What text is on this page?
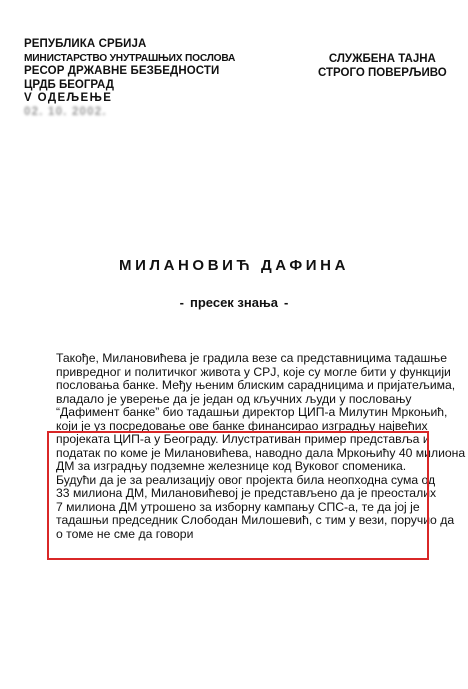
РЕПУБЛИКА СРБИЈА
МИНИСТАРСТВО УНУТРАШЊИХ ПОСЛОВА
РЕСОР ДРЖАВНЕ БЕЗБЕДНОСТИ
ЦРДБ БЕОГРАД
V ОДЕЉЕЊЕ
02. 10. 2002.
СЛУЖБЕНА ТАЈНА
СТРОГО ПОВЕРЉИВО
МИЛАНОВИЋ ДАФИНА
- пресек знања -
Такође, Милановићева је градила везе са представницима тадашње
привредног и политичког живота у СРЈ, које су могле бити у функцији
пословања банке. Међу њеним блиским сарадницима и пријатељима,
владало је уверење да је један од кључних људи у пословању
“Дафимент банке” био тадашњи директор ЦИП-а Милутин Мркоњић,
који је уз посредовање ове банке финансирао изградњу највећих
пројеката ЦИП-а у Београду. Илустративан пример представља и
податак по коме је Милановићева, наводно дала Мркоњићу 40 милиона
ДМ за изградњу подземне железнице код Вуковог споменика.
Будући да је за реализацију овог пројекта била неопходна сума од
33 милиона ДМ, Милановићевој је представљено да је преосталих
7 милиона ДМ утрошено за изборну кампању СПС-а, те да јој је
тадашњи председник Слободан Милошевић, с тим у вези, поручио да
о томе не сме да говори
